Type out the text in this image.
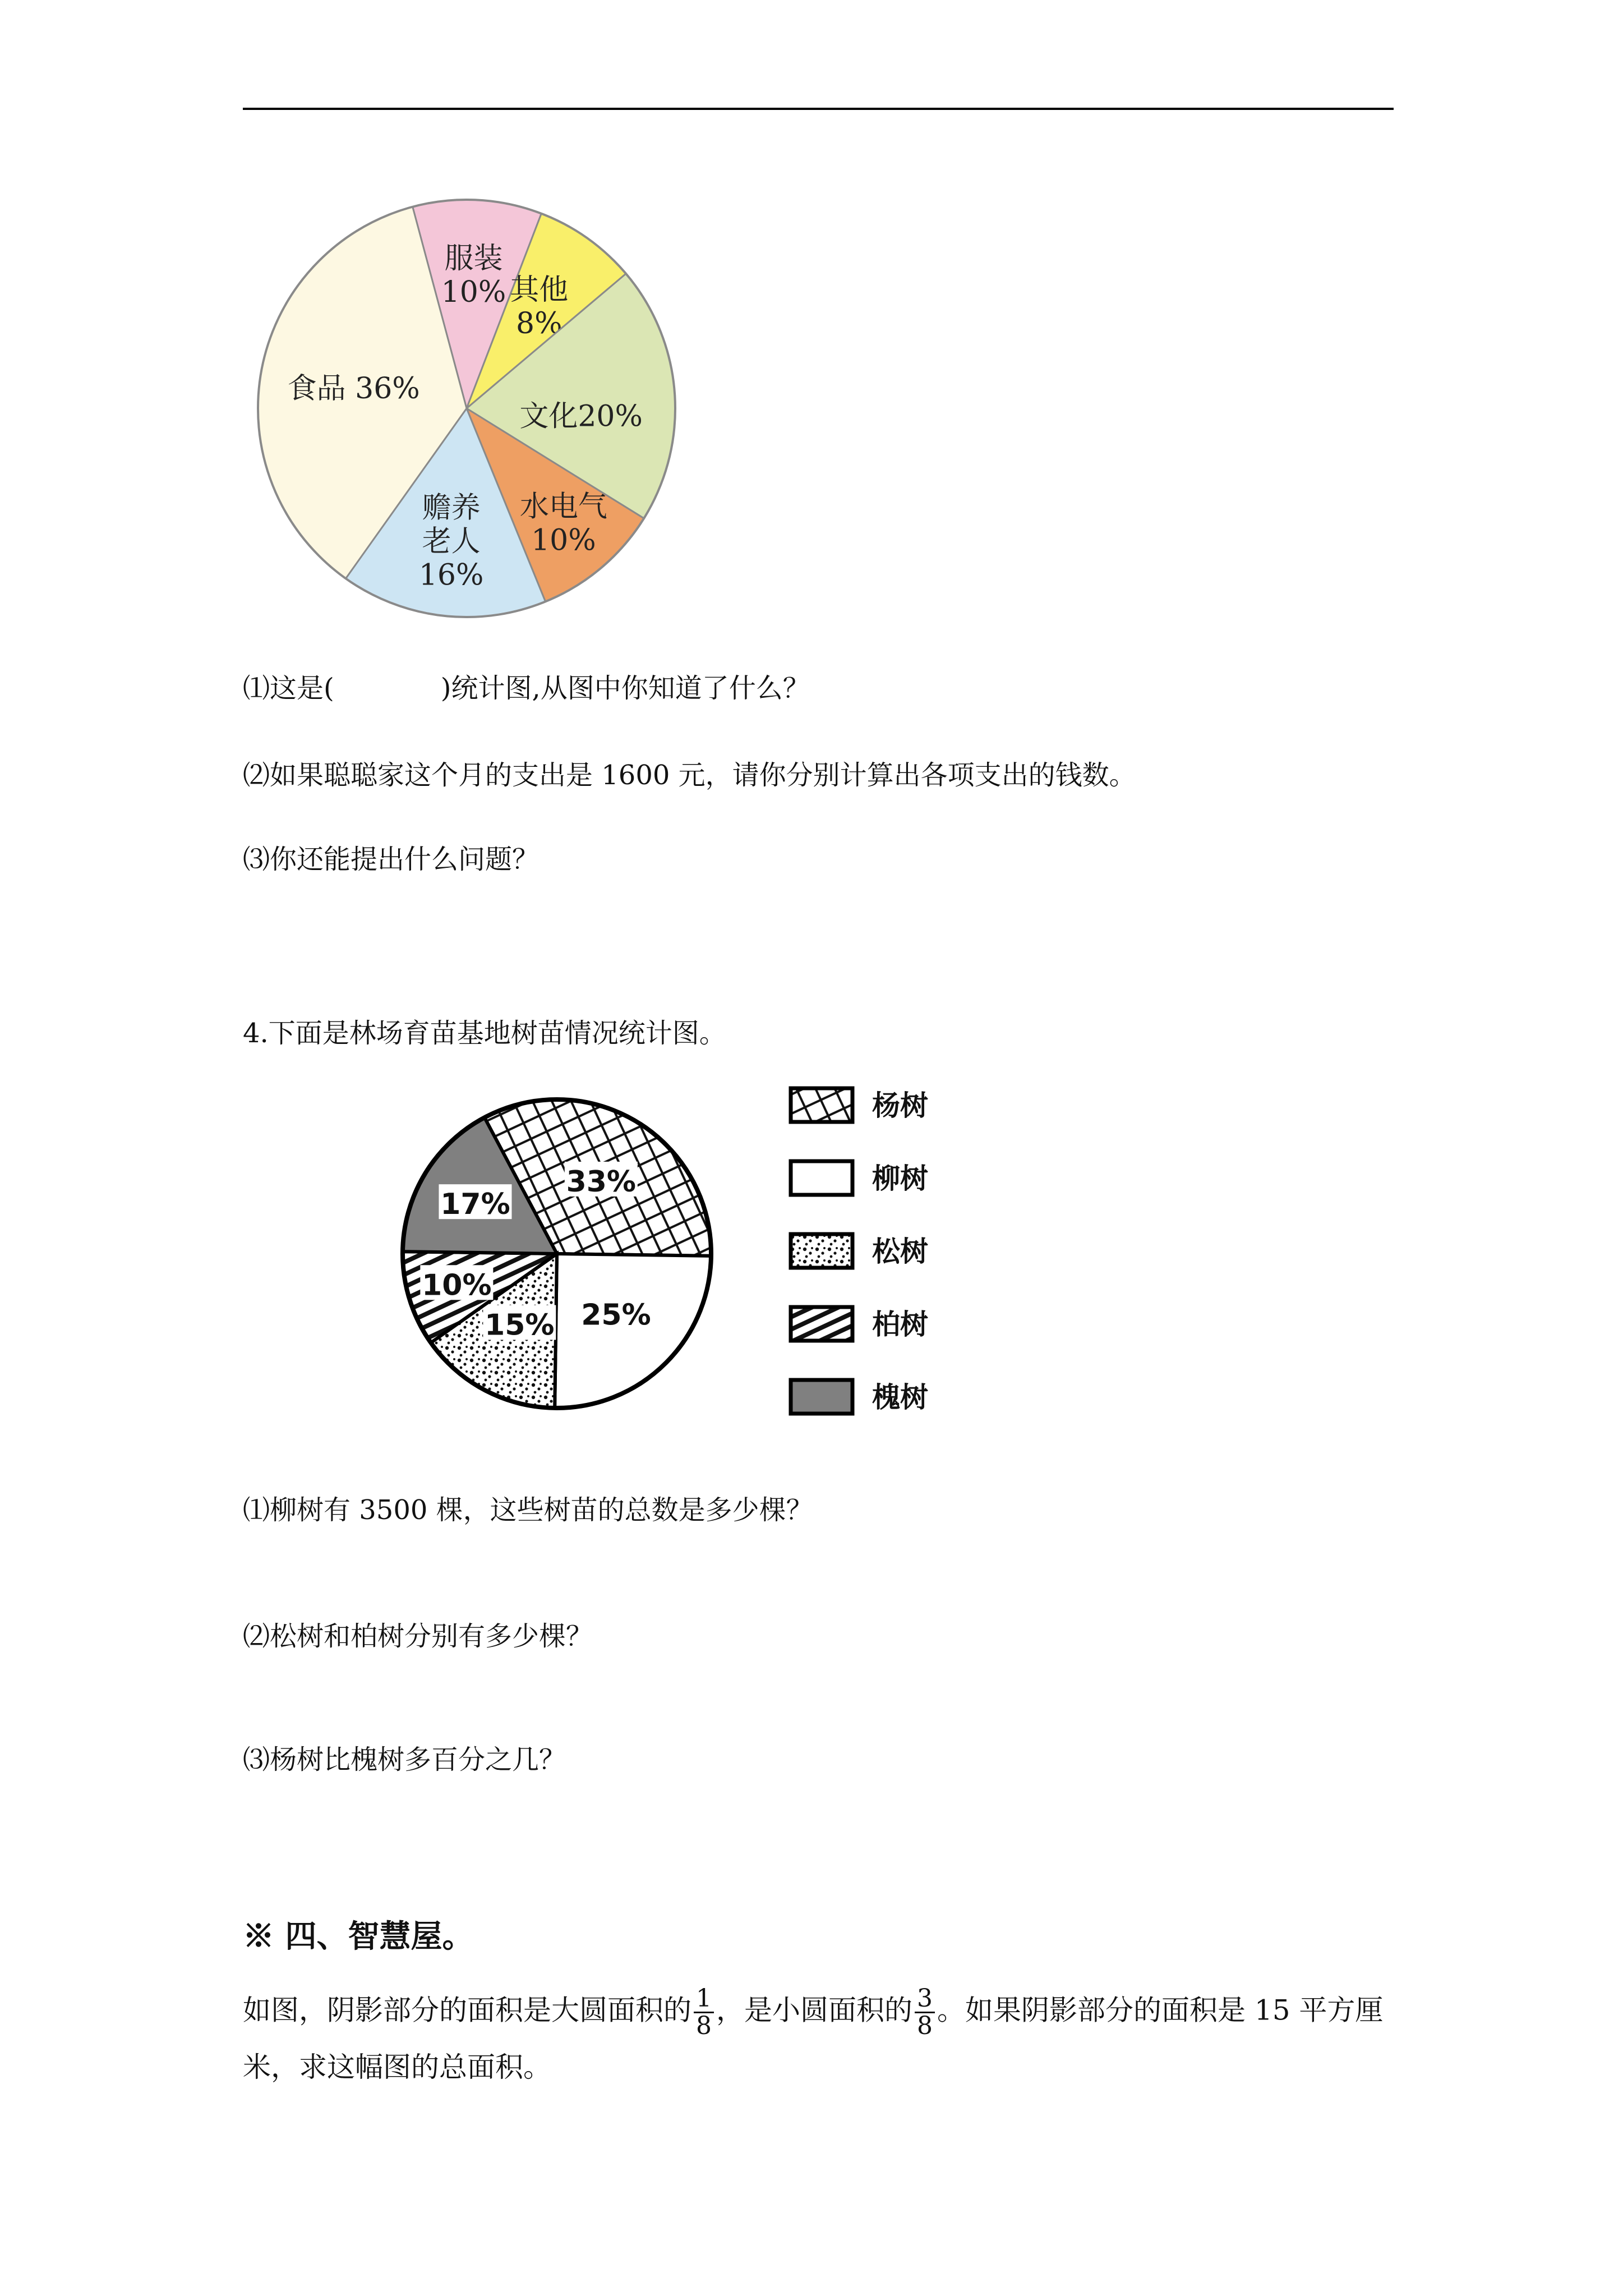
服装
10% 其他
8%
文化20%
水电气
10%
赡养
老人
16%
食品 36%
⑴这是(	)统计图,从图中你知道了什么？
⑵如果聪聪家这个月的支出是 1600 元，请你分别计算出各项支出的钱数。
⑶你还能提出什么问题？
4.下面是林场育苗基地树苗情况统计图。
33%
25%
15%
10%
17%
杨树
柳树
松树
柏树
槐树
⑴柳树有 3500 棵，这些树苗的总数是多少棵？
⑵松树和柏树分别有多少棵？
⑶杨树比槐树多百分之几？
※ 四、智慧屋。
如图，阴影部分的面积是大圆面积的 $\frac{1}{8}$ ，是小圆面积的 $\frac{3}{8}$ 。如果阴影部分的面积是 15 平方厘
米，求这幅图的总面积。
